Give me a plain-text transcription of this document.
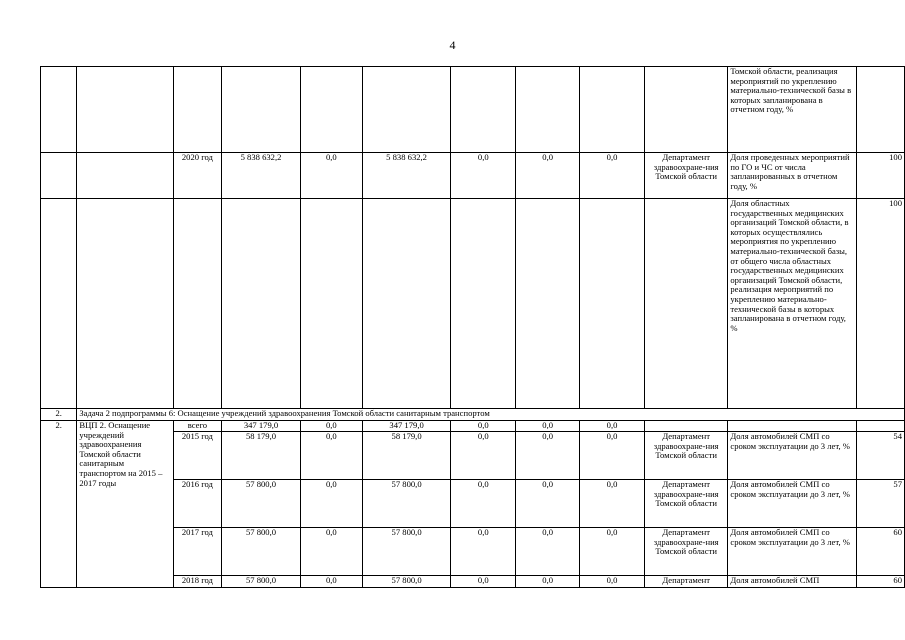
4
										Томской области, реализация мероприятий по укреплению материально-технической базы в которых запланирована в отчетном году, %	
		2020 год	5 838 632,2	0,0	5 838 632,2	0,0	0,0	0,0	Департамент здравоохране-ния Томской области	Доля проведенных мероприятий по ГО и ЧС от числа запланированных в отчетном году, %	100
										Доля областных государственных медицинских организаций Томской области, в которых осуществлялись мероприятия по укреплению материально-технической базы, от общего числа областных государственных медицинских организаций Томской области, реализация мероприятий по укреплению материально-технической базы в которых запланирована в отчетном году, %	100
2.	Задача 2 подпрограммы 6: Оснащение учреждений здравоохранения Томской области санитарным транспортом										
2.	ВЦП 2. Оснащение учреждений здравоохранения Томской области санитарным транспортом на 2015 – 2017 годы	всего	347 179,0	0,0	347 179,0	0,0	0,0	0,0			
		2015 год	58 179,0	0,0	58 179,0	0,0	0,0	0,0	Департамент здравоохране-ния Томской области	Доля автомобилей СМП со сроком эксплуатации до 3 лет, %	54
		2016 год	57 800,0	0,0	57 800,0	0,0	0,0	0,0	Департамент здравоохране-ния Томской области	Доля автомобилей СМП со сроком эксплуатации до 3 лет, %	57
		2017 год	57 800,0	0,0	57 800,0	0,0	0,0	0,0	Департамент здравоохране-ния Томской области	Доля автомобилей СМП со сроком эксплуатации до 3 лет, %	60
		2018 год	57 800,0	0,0	57 800,0	0,0	0,0	0,0	Департамент	Доля автомобилей СМП	60
